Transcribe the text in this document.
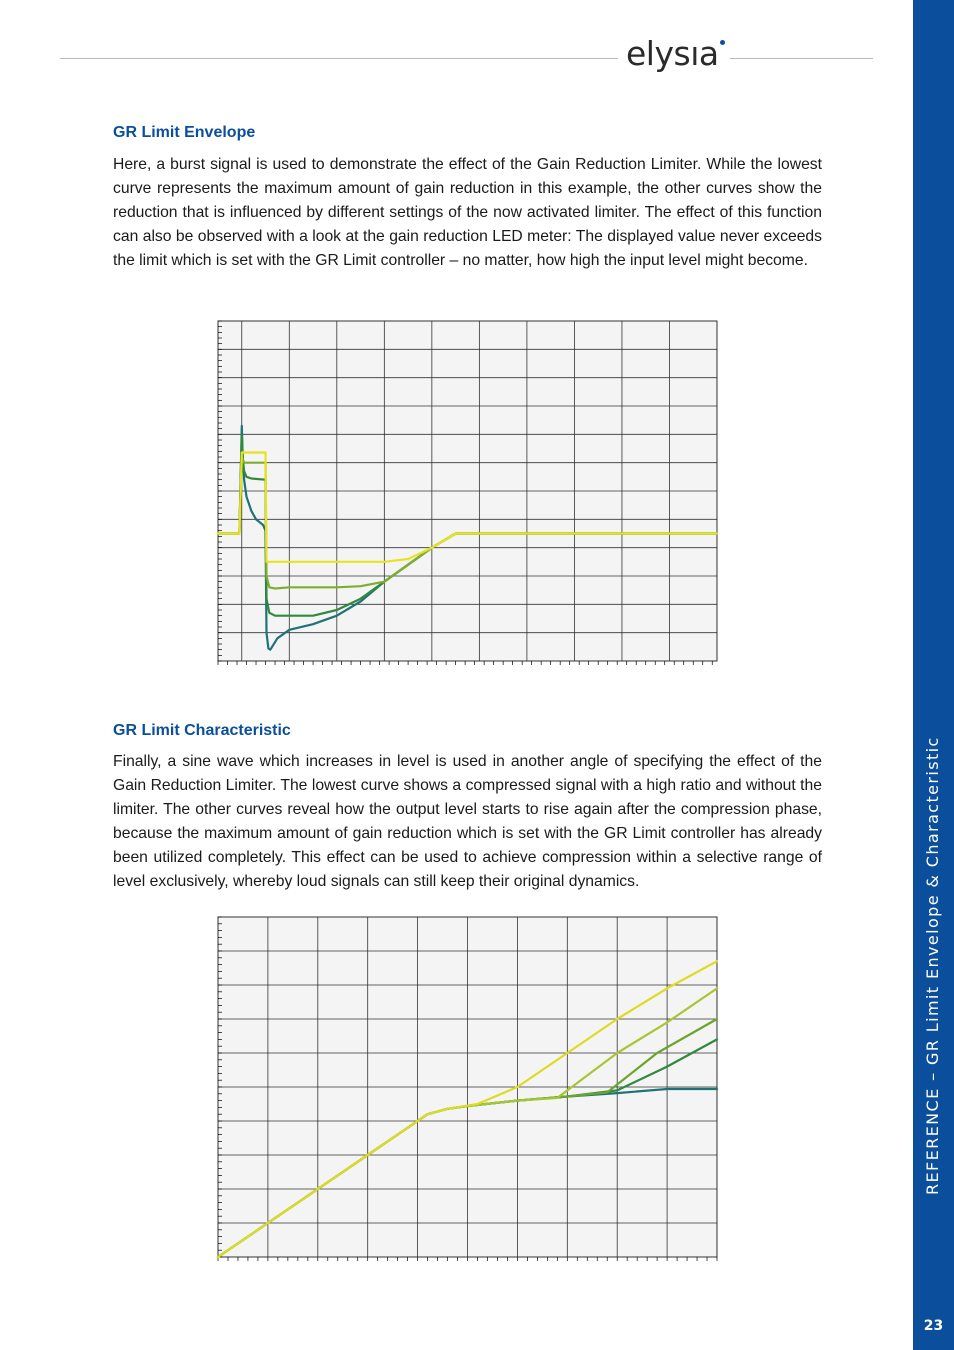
elysıa
REFERENCE – GR Limit Envelope & Characteristic
23
GR Limit Envelope

Here, a burst signal is used to demonstrate the effect of the Gain Reduction Limiter. While the lowest curve represents the maximum amount of gain reduction in this example, the other curves show the reduction that is influenced by different settings of the now activated limiter. The effect of this function can also be observed with a look at the gain reduction LED meter: The displayed value never exceeds the limit which is set with the GR Limit controller – no matter, how high the input level might become.

GR Limit Characteristic

Finally, a sine wave which increases in level is used in another angle of specifying the effect of the Gain Reduction Limiter. The lowest curve shows a compressed signal with a high ratio and without the limiter. The other curves reveal how the output level starts to rise again after the compression phase, because the maximum amount of gain reduction which is set with the GR Limit controller has already been utilized completely. This effect can be used to achieve compression within a selective range of level exclusively, whereby loud signals can still keep their original dynamics.
